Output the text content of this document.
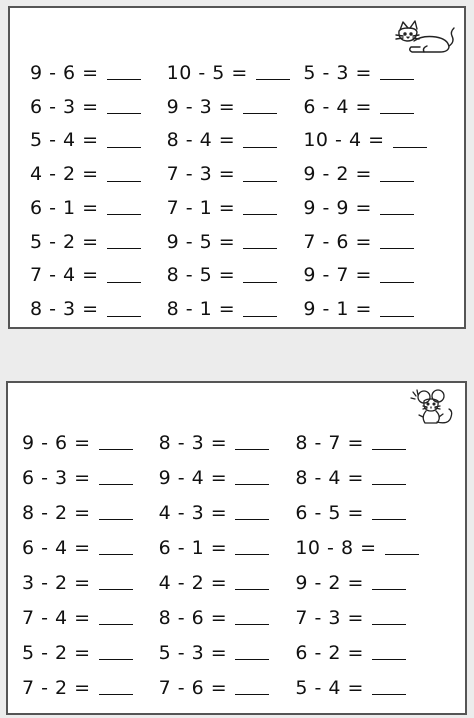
9 - 6 =	10 - 5 =	5 - 3 =
6 - 3 =	9 - 3 =	6 - 4 =
5 - 4 =	8 - 4 =	10 - 4 =
4 - 2 =	7 - 3 =	9 - 2 =
6 - 1 =	7 - 1 =	9 - 9 =
5 - 2 =	9 - 5 =	7 - 6 =
7 - 4 =	8 - 5 =	9 - 7 =
8 - 3 =	8 - 1 =	9 - 1 =
9 - 6 =	8 - 3 =	8 - 7 =
6 - 3 =	9 - 4 =	8 - 4 =
8 - 2 =	4 - 3 =	6 - 5 =
6 - 4 =	6 - 1 =	10 - 8 =
3 - 2 =	4 - 2 =	9 - 2 =
7 - 4 =	8 - 6 =	7 - 3 =
5 - 2 =	5 - 3 =	6 - 2 =
7 - 2 =	7 - 6 =	5 - 4 =
